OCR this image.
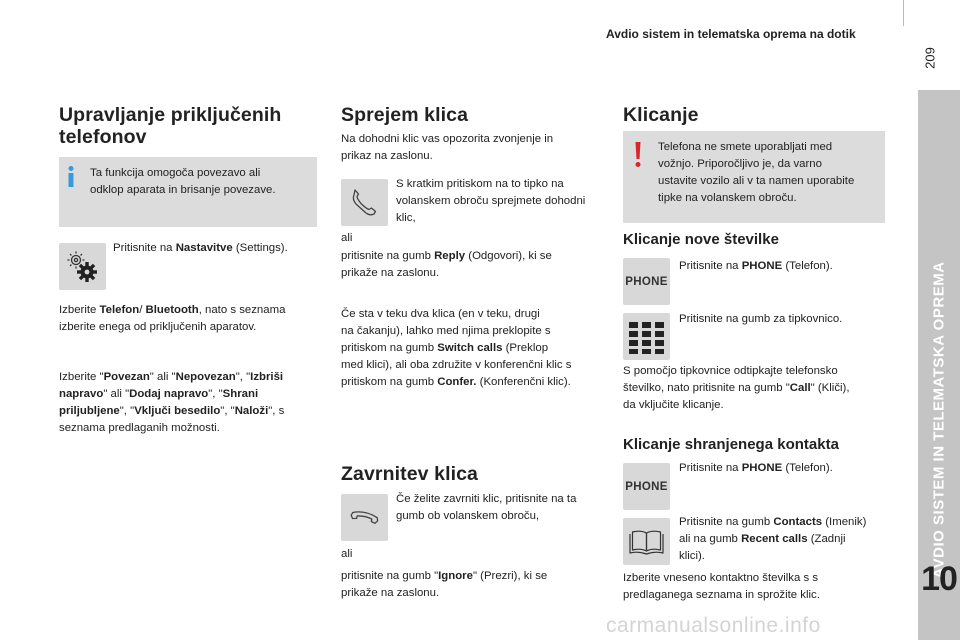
Avdio sistem in telematska oprema na dotik
209
AVDIO SISTEM IN TELEMATSKA OPREMA
10
Upravljanje priključenih
telefonov
Ta funkcija omogoča povezavo ali
odklop aparata in brisanje povezave.
Pritisnite na Nastavitve (Settings).
Izberite Telefon/ Bluetooth, nato s seznama
izberite enega od priključenih aparatov.
Izberite "Povezan" ali "Nepovezan", "Izbriši
napravo" ali "Dodaj napravo", "Shrani
priljubljene", "Vključi besedilo", "Naloži", s
seznama predlaganih možnosti.
Sprejem klica
Na dohodni klic vas opozorita zvonjenje in
prikaz na zaslonu.
S kratkim pritiskom na to tipko na
volanskem obroču sprejmete dohodni
klic,
ali
pritisnite na gumb Reply (Odgovori), ki se
prikaže na zaslonu.
Če sta v teku dva klica (en v teku, drugi
na čakanju), lahko med njima preklopite s
pritiskom na gumb Switch calls (Preklop
med klici), ali oba združite v konferenčni klic s
pritiskom na gumb Confer. (Konferenčni klic).
Zavrnitev klica
Če želite zavrniti klic, pritisnite na ta
gumb ob volanskem obroču,
ali
pritisnite na gumb "Ignore" (Prezri), ki se
prikaže na zaslonu.
Klicanje
Telefona ne smete uporabljati med
vožnjo. Priporočljivo je, da varno
ustavite vozilo ali v ta namen uporabite
tipke na volanskem obroču.
Klicanje nove številke
PHONE
Pritisnite na PHONE (Telefon).
Pritisnite na gumb za tipkovnico.
S pomočjo tipkovnice odtipkajte telefonsko
številko, nato pritisnite na gumb "Call" (Kliči),
da vključite klicanje.
Klicanje shranjenega kontakta
PHONE
Pritisnite na PHONE (Telefon).
Pritisnite na gumb Contacts (Imenik)
ali na gumb Recent calls (Zadnji
klici).
Izberite vneseno kontaktno številka s s
predlaganega seznama in sprožite klic.
carmanualsonline.info
